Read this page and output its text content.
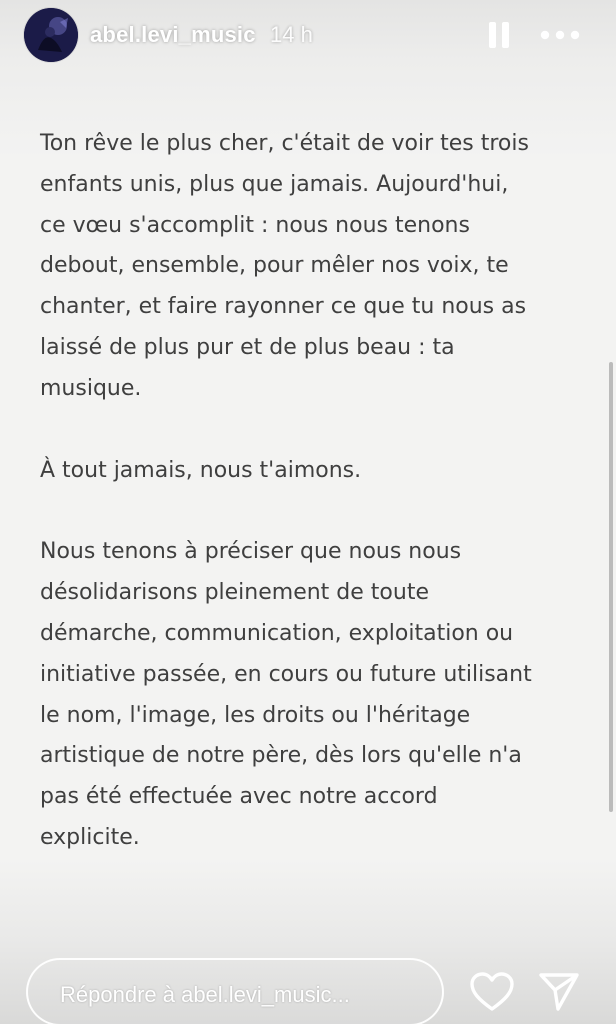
abel.levi_music 14 h

Ton rêve le plus cher, c'était de voir tes trois
enfants unis, plus que jamais. Aujourd'hui,
ce vœu s'accomplit : nous nous tenons
debout, ensemble, pour mêler nos voix, te
chanter, et faire rayonner ce que tu nous as
laissé de plus pur et de plus beau : ta
musique.

À tout jamais, nous t'aimons.

Nous tenons à préciser que nous nous
désolidarisons pleinement de toute
démarche, communication, exploitation ou
initiative passée, en cours ou future utilisant
le nom, l'image, les droits ou l'héritage
artistique de notre père, dès lors qu'elle n'a
pas été effectuée avec notre accord
explicite.

Répondre à abel.levi_music...
